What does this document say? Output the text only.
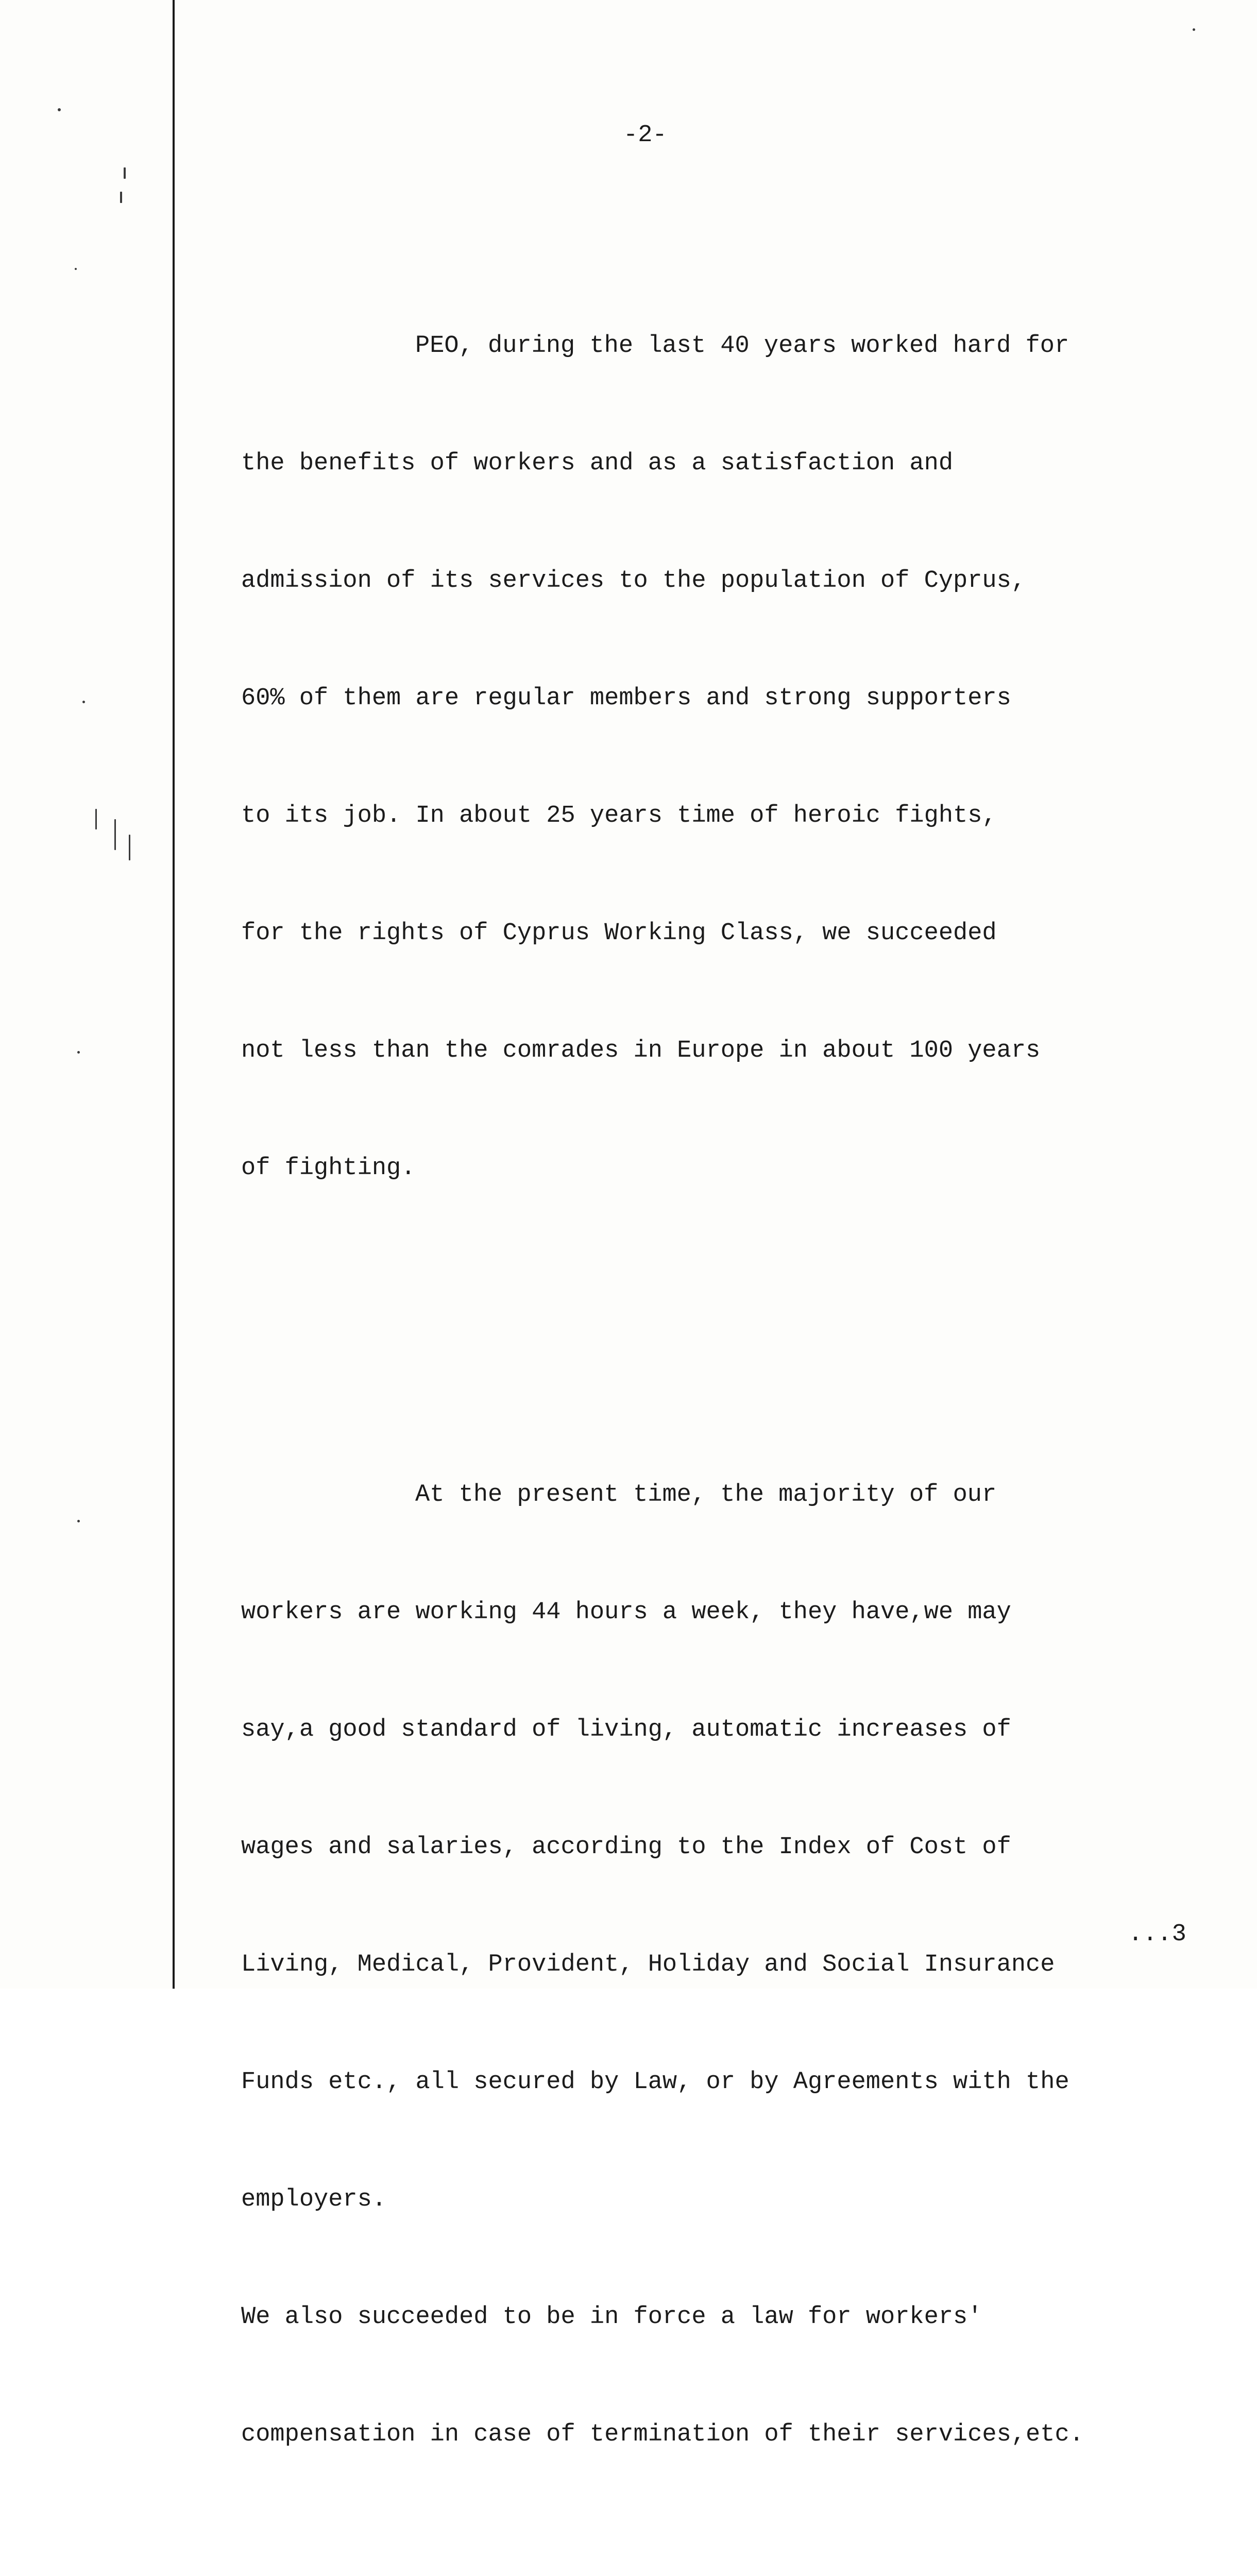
-2-

PEO, during the last 40 years worked hard for

the benefits of workers and as a satisfaction and

admission of its services to the population of Cyprus,

60% of them are regular members and strong supporters

to its job. In about 25 years time of heroic fights,

for the rights of Cyprus Working Class, we succeeded

not less than the comrades in Europe in about 100 years

of fighting.

At the present time, the majority of our

workers are working 44 hours a week, they have,we may

say,a good standard of living, automatic increases of

wages and salaries, according to the Index of Cost of

Living, Medical, Provident, Holiday and Social Insurance

Funds etc., all secured by Law, or by Agreements with the

employers.

We also succeeded to be in force a law for workers'

compensation in case of termination of their services,etc.

...3
